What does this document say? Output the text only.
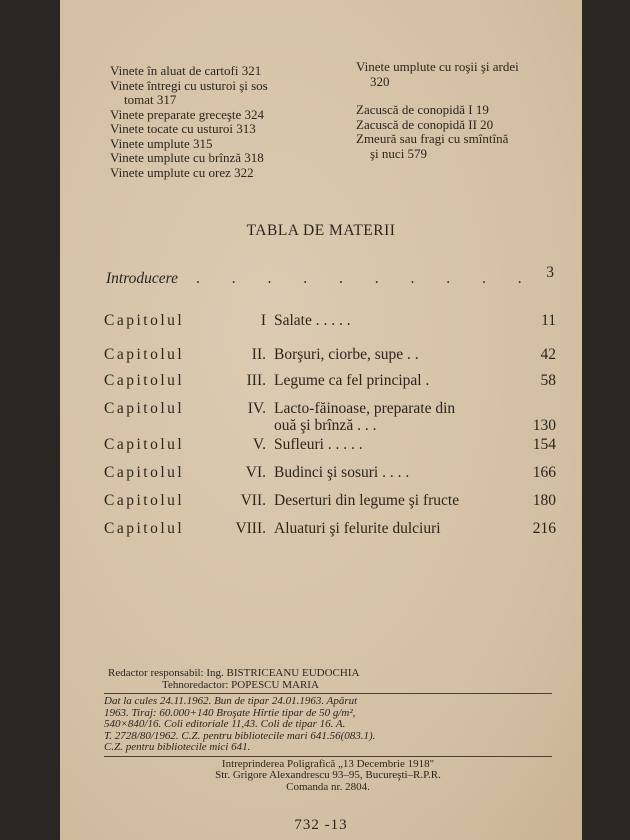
Vinete în aluat de cartofi 321
Vinete întregi cu usturoi şi sos
tomat 317
Vinete preparate greceşte 324
Vinete tocate cu usturoi 313
Vinete umplute 315
Vinete umplute cu brînză 318
Vinete umplute cu orez 322
Vinete umplute cu roşii şi ardei
320
Zacuscă de conopidă I 19
Zacuscă de conopidă II 20
Zmeură sau fragi cu smîntînă
şi nuci 579
TABLA DE MATERII
Introducere . . . . . . . . . . 3
Capitolul	I Salate . . . . .	11
Capitolul	II. Borşuri, ciorbe, supe . .	42
Capitolul	III. Legume ca fel principal .	58
Capitolul	IV. Lacto-făinoase, preparate din
ouă şi brînză . . .	130
Capitolul	V. Sufleuri . . . . .	154
Capitolul	VI. Budinci şi sosuri . . . .	166
Capitolul	VII. Deserturi din legume şi fructe	180
Capitolul	VIII. Aluaturi şi felurite dulciuri	216
Redactor responsabil: Ing. BISTRICEANU EUDOCHIA
Tehnoredactor: POPESCU MARIA
Dat la cules 24.11.1962. Bun de tipar 24.01.1963. Apărut
1963. Tiraj: 60.000+140 Broşate Hîrtie tipar de 50 g/m²,
540×840/16. Coli editoriale 11,43. Coli de tipar 16. A.
T. 2728/80/1962. C.Z. pentru bibliotecile mari 641.56(083.1).
C.Z. pentru bibliotecile mici 641.
Intreprinderea Poligrafică „13 Decembrie 1918"
Str. Grigore Alexandrescu 93–95, Bucureşti–R.P.R.
Comanda nr. 2804.
732 -13
